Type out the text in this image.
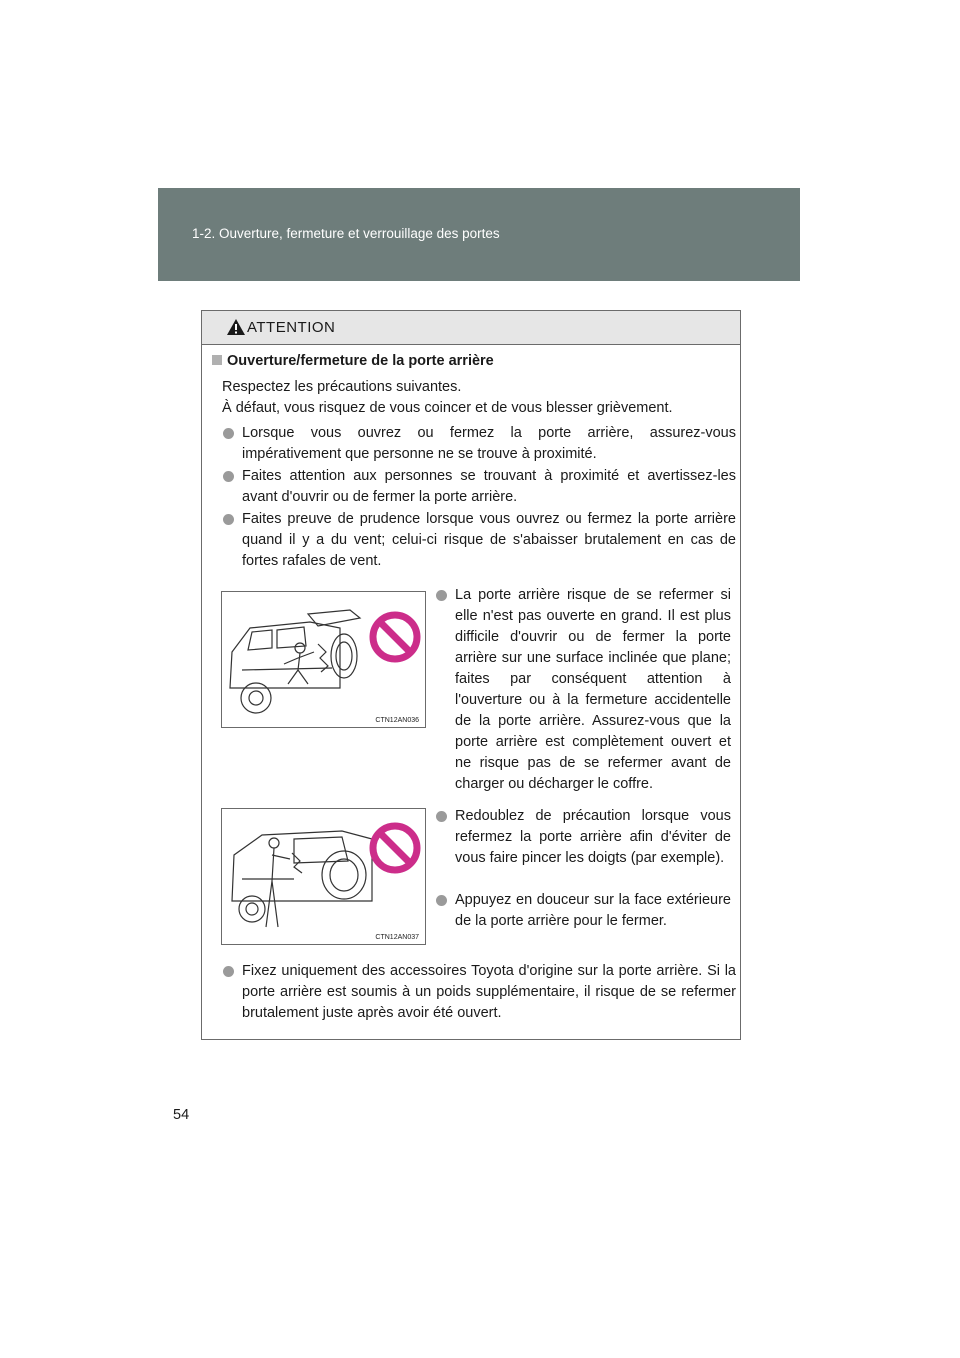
1-2. Ouverture, fermeture et verrouillage des portes
ATTENTION
Ouverture/fermeture de la porte arrière
Respectez les précautions suivantes.
À défaut, vous risquez de vous coincer et de vous blesser grièvement.
Lorsque vous ouvrez ou fermez la porte arrière, assurez-vous impérativement que personne ne se trouve à proximité.
Faites attention aux personnes se trouvant à proximité et avertissez-les avant d'ouvrir ou de fermer la porte arrière.
Faites preuve de prudence lorsque vous ouvrez ou fermez la porte arrière quand il y a du vent; celui-ci risque de s'abaisser brutalement en cas de fortes rafales de vent.
CTN12AN036
La porte arrière risque de se refermer si elle n'est pas ouverte en grand. Il est plus difficile d'ouvrir ou de fermer la porte arrière sur une surface inclinée que plane; faites par conséquent attention à l'ouverture ou à la fermeture accidentelle de la porte arrière. Assurez-vous que la porte arrière est complètement ouvert et ne risque pas de se refermer avant de charger ou décharger le coffre.
CTN12AN037
Redoublez de précaution lorsque vous refermez la porte arrière afin d'éviter de vous faire pincer les doigts (par exemple).
Appuyez en douceur sur la face extérieure de la porte arrière pour le fermer.
Fixez uniquement des accessoires Toyota d'origine sur la porte arrière. Si la porte arrière est soumis à un poids supplémentaire, il risque de se refermer brutalement juste après avoir été ouvert.
54
